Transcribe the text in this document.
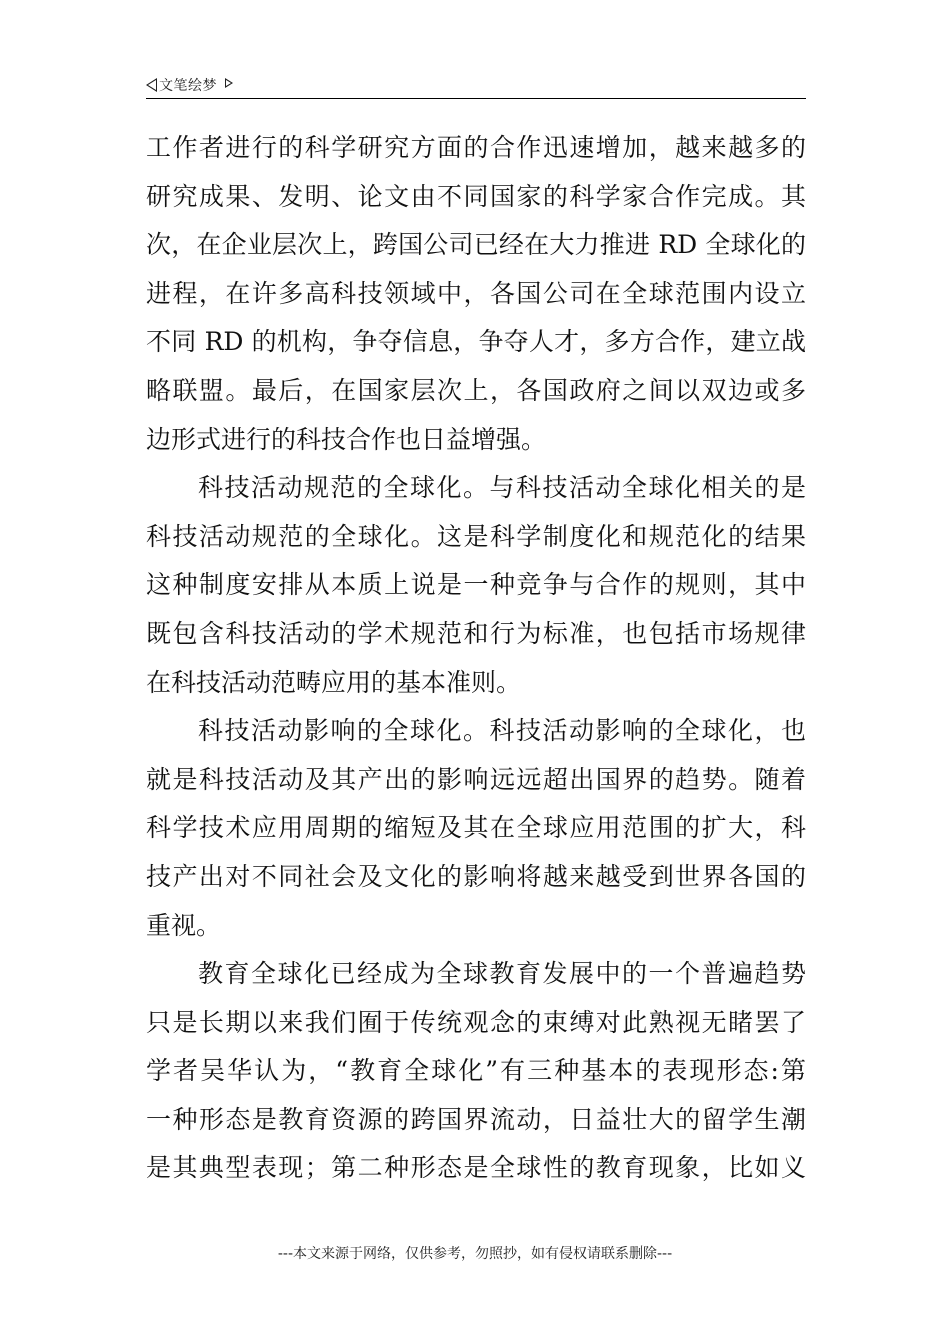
文笔绘梦
工作者进行的科学研究方面的合作迅速增加，越来越多的
研究成果、发明、论文由不同国家的科学家合作完成。其
次，在企业层次上，跨国公司已经在大力推进 RD 全球化的
进程，在许多高科技领域中，各国公司在全球范围内设立
不同 RD 的机构，争夺信息，争夺人才，多方合作，建立战
略联盟。最后，在国家层次上，各国政府之间以双边或多
边形式进行的科技合作也日益增强。
科技活动规范的全球化。与科技活动全球化相关的是
科技活动规范的全球化。这是科学制度化和规范化的结果
这种制度安排从本质上说是一种竞争与合作的规则，其中
既包含科技活动的学术规范和行为标准，也包括市场规律
在科技活动范畴应用的基本准则。
科技活动影响的全球化。科技活动影响的全球化，也
就是科技活动及其产出的影响远远超出国界的趋势。随着
科学技术应用周期的缩短及其在全球应用范围的扩大，科
技产出对不同社会及文化的影响将越来越受到世界各国的
重视。
教育全球化已经成为全球教育发展中的一个普遍趋势
只是长期以来我们囿于传统观念的束缚对此熟视无睹罢了
学者吴华认为，“教育全球化”有三种基本的表现形态:第
一种形态是教育资源的跨国界流动，日益壮大的留学生潮
是其典型表现；第二种形态是全球性的教育现象，比如义
---本文来源于网络，仅供参考，勿照抄，如有侵权请联系删除---
